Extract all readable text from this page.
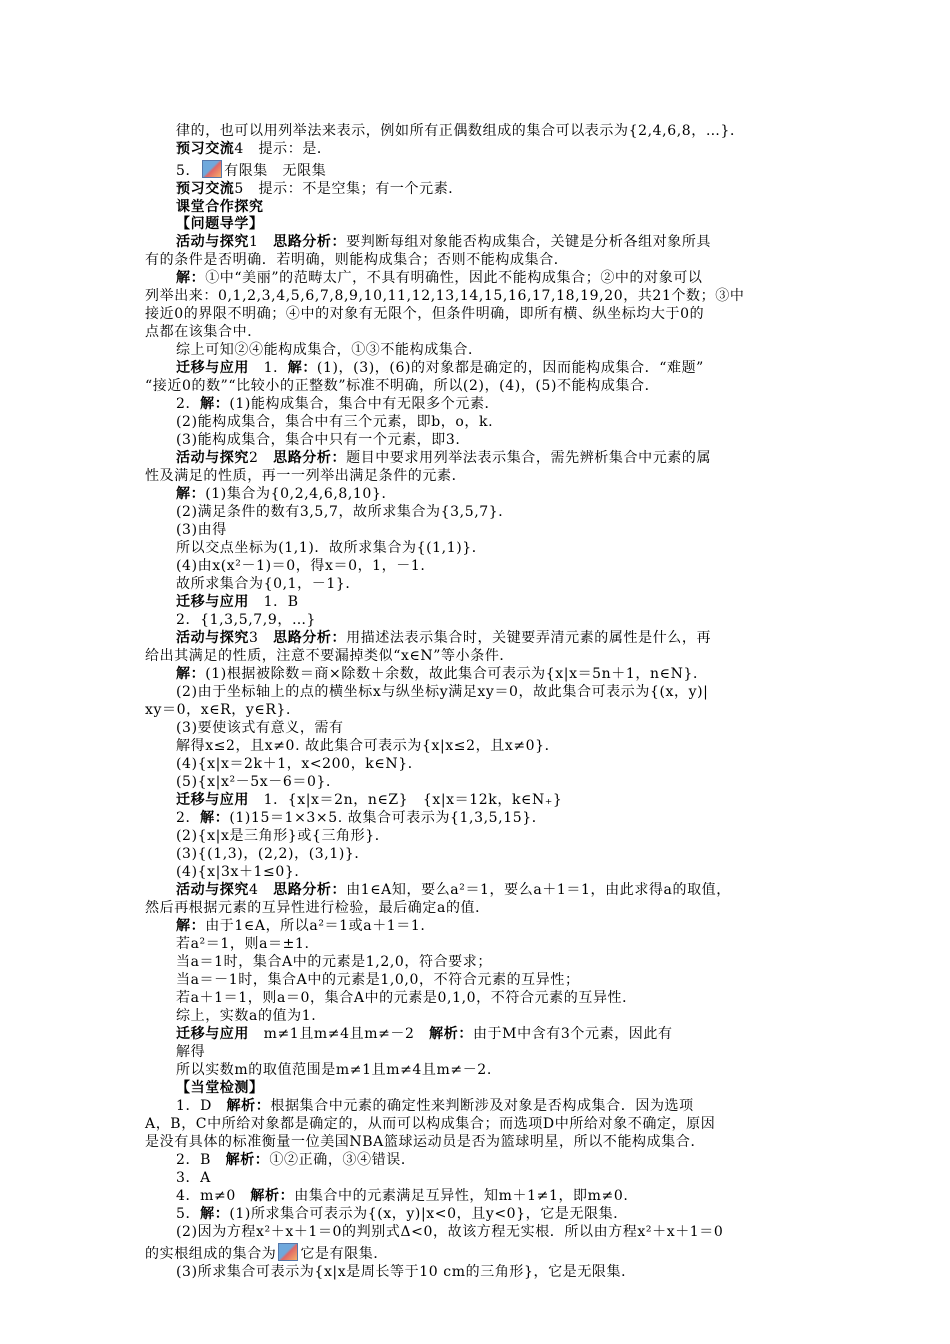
律的，也可以用列举法来表示，例如所有正偶数组成的集合可以表示为{2,4,6,8，…}．
预习交流4　提示：是．
5． 有限集　无限集
预习交流5　提示：不是空集；有一个元素．
课堂合作探究
【问题导学】
活动与探究1　思路分析：要判断每组对象能否构成集合，关键是分析各组对象所具
有的条件是否明确．若明确，则能构成集合；否则不能构成集合．
解：①中“美丽”的范畴太广，不具有明确性，因此不能构成集合；②中的对象可以
列举出来：0,1,2,3,4,5,6,7,8,9,10,11,12,13,14,15,16,17,18,19,20，共21个数；③中
接近0的界限不明确；④中的对象有无限个，但条件明确，即所有横、纵坐标均大于0的
点都在该集合中．
综上可知②④能构成集合，①③不能构成集合．
迁移与应用　1．解：(1)，(3)，(6)的对象都是确定的，因而能构成集合．“难题”
“接近0的数”“比较小的正整数”标准不明确，所以(2)，(4)，(5)不能构成集合．
2．解：(1)能构成集合，集合中有无限多个元素．
(2)能构成集合，集合中有三个元素，即b，o，k.
(3)能构成集合，集合中只有一个元素，即3.
活动与探究2　思路分析：题目中要求用列举法表示集合，需先辨析集合中元素的属
性及满足的性质，再一一列举出满足条件的元素．
解：(1)集合为{0,2,4,6,8,10}．
(2)满足条件的数有3,5,7，故所求集合为{3,5,7}．
(3)由得
所以交点坐标为(1,1)．故所求集合为{(1,1)}．
(4)由x(x²－1)＝0，得x＝0，1，－1.
故所求集合为{0,1，－1}．
迁移与应用　1．B
2．{1,3,5,7,9，…}
活动与探究3　思路分析：用描述法表示集合时，关键要弄清元素的属性是什么，再
给出其满足的性质，注意不要漏掉类似“x∈N”等小条件．
解：(1)根据被除数＝商×除数＋余数，故此集合可表示为{x|x＝5n＋1，n∈N}．
(2)由于坐标轴上的点的横坐标x与纵坐标y满足xy＝0，故此集合可表示为{(x，y)|
xy＝0，x∈R，y∈R}．
(3)要使该式有意义，需有
解得x≤2，且x≠0. 故此集合可表示为{x|x≤2，且x≠0}．
(4){x|x＝2k＋1，x<200，k∈N}．
(5){x|x²－5x－6＝0}．
迁移与应用　1．{x|x＝2n，n∈Z}　{x|x＝12k，k∈N₊}
2．解：(1)15＝1×3×5. 故集合可表示为{1,3,5,15}．
(2){x|x是三角形}或{三角形}．
(3){(1,3)，(2,2)，(3,1)}．
(4){x|3x＋1≤0}．
活动与探究4　思路分析：由1∈A知，要么a²＝1，要么a＋1＝1，由此求得a的取值，
然后再根据元素的互异性进行检验，最后确定a的值．
解：由于1∈A，所以a²＝1或a＋1＝1.
若a²＝1，则a＝±1.
当a＝1时，集合A中的元素是1,2,0，符合要求；
当a＝－1时，集合A中的元素是1,0,0，不符合元素的互异性；
若a＋1＝1，则a＝0，集合A中的元素是0,1,0，不符合元素的互异性．
综上，实数a的值为1.
迁移与应用　m≠1且m≠4且m≠－2　解析：由于M中含有3个元素，因此有
解得
所以实数m的取值范围是m≠1且m≠4且m≠－2.
【当堂检测】
1．D　解析：根据集合中元素的确定性来判断涉及对象是否构成集合．因为选项
A，B，C中所给对象都是确定的，从而可以构成集合；而选项D中所给对象不确定，原因
是没有具体的标准衡量一位美国NBA篮球运动员是否为篮球明星，所以不能构成集合．
2．B　解析：①②正确，③④错误．
3．A
4．m≠0　解析：由集合中的元素满足互异性，知m＋1≠1，即m≠0.
5．解：(1)所求集合可表示为{(x，y)|x<0，且y<0}，它是无限集．
(2)因为方程x²＋x＋1＝0的判别式Δ<0，故该方程无实根．所以由方程x²＋x＋1＝0
的实根组成的集合为 它是有限集．
(3)所求集合可表示为{x|x是周长等于10 cm的三角形}，它是无限集．
